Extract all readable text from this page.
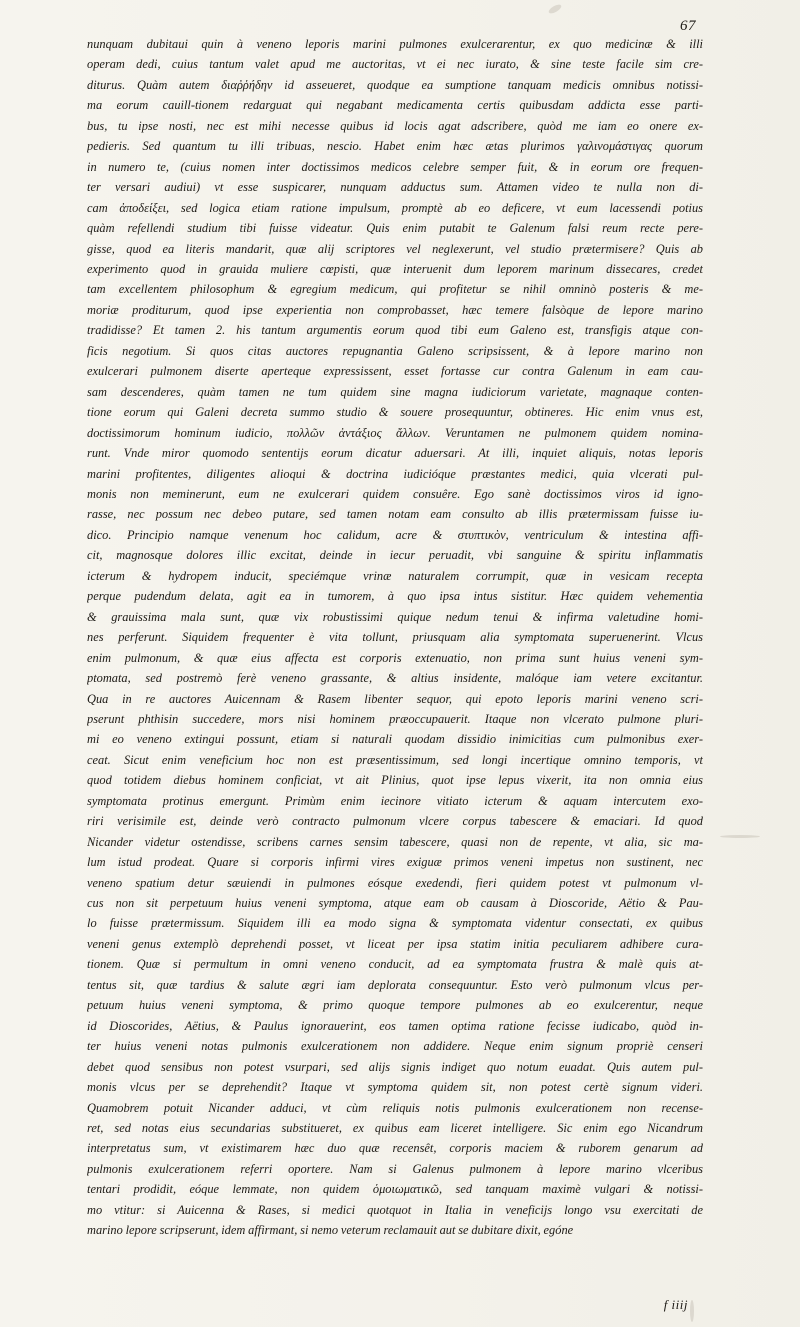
67
nunquam dubitaui quin à veneno leporis marini pulmones exulcerarentur, ex quo medicinæ & illi
operam dedi, cuius tantum valet apud me auctoritas, vt ei nec iurato, & sine teste facile sim cre-
diturus. Quàm autem διαῤῥήδην id asseueret, quodque ea sumptione tanquam medicis omnibus notissi-
ma eorum cauill-tionem redarguat qui negabant medicamenta certis quibusdam addicta esse parti-
bus, tu ipse nosti, nec est mihi necesse quibus id locis agat adscribere, quòd me iam eo onere ex-
pedieris. Sed quantum tu illi tribuas, nescio. Habet enim hæc ætas plurimos γαλινομάστιγας quorum
in numero te, (cuius nomen inter doctissimos medicos celebre semper fuit, & in eorum ore frequen-
ter versari audiui) vt esse suspicarer, nunquam adductus sum. Attamen video te nulla non di-
cam ἀποδείξει, sed logica etiam ratione impulsum, promptè ab eo deficere, vt eum lacessendi potius
quàm refellendi studium tibi fuisse videatur. Quis enim putabit te Galenum falsi reum recte pere-
gisse, quod ea literis mandarit, quæ alij scriptores vel neglexerunt, vel studio prætermisere? Quis ab
experimento quod in grauida muliere cœpisti, quæ interuenit dum leporem marinum dissecares, credet
tam excellentem philosophum & egregium medicum, qui profitetur se nihil omninò posteris & me-
moriæ proditurum, quod ipse experientia non comprobasset, hæc temere falsòque de lepore marino
tradidisse? Et tamen 2. his tantum argumentis eorum quod tibi eum Galeno est, transfigis atque con-
ficis negotium. Si quos citas auctores repugnantia Galeno scripsissent, & à lepore marino non
exulcerari pulmonem diserte aperteque expressissent, esset fortasse cur contra Galenum in eam cau-
sam descenderes, quàm tamen ne tum quidem sine magna iudiciorum varietate, magnaque conten-
tione eorum qui Galeni decreta summo studio & souere prosequuntur, obtineres. Hic enim vnus est,
doctissimorum hominum iudicio, πολλῶν ἀντάξιος ἄλλων. Veruntamen ne pulmonem quidem nomina-
runt. Vnde miror quomodo sententijs eorum dicatur aduersari. At illi, inquiet aliquis, notas leporis
marini profitentes, diligentes alioqui & doctrina iudicióque præstantes medici, quia vlcerati pul-
monis non meminerunt, eum ne exulcerari quidem consuêre. Ego sanè doctissimos viros id igno-
rasse, nec possum nec debeo putare, sed tamen notam eam consulto ab illis prætermissam fuisse iu-
dico. Principio namque venenum hoc calidum, acre & στυπτικὸν, ventriculum & intestina affi-
cit, magnosque dolores illic excitat, deinde in iecur peruadit, vbi sanguine & spiritu inflammatis
icterum & hydropem inducit, speciémque vrinæ naturalem corrumpit, quæ in vesicam recepta
perque pudendum delata, agit ea in tumorem, à quo ipsa intus sistitur. Hæc quidem vehementia
& grauissima mala sunt, quæ vix robustissimi quique nedum tenui & infirma valetudine homi-
nes perferunt. Siquidem frequenter è vita tollunt, priusquam alia symptomata superuenerint. Vlcus
enim pulmonum, & quæ eius affecta est corporis extenuatio, non prima sunt huius veneni sym-
ptomata, sed postremò ferè veneno grassante, & altius insidente, malóque iam vetere excitantur.
Qua in re auctores Auicennam & Rasem libenter sequor, qui epoto leporis marini veneno scri-
pserunt phthisin succedere, mors nisi hominem præoccupauerit. Itaque non vlcerato pulmone pluri-
mi eo veneno extingui possunt, etiam si naturali quodam dissidio inimicitias cum pulmonibus exer-
ceat. Sicut enim veneficium hoc non est præsentissimum, sed longi incertique omnino temporis, vt
quod totidem diebus hominem conficiat, vt ait Plinius, quot ipse lepus vixerit, ita non omnia eius
symptomata protinus emergunt. Primùm enim iecinore vitiato icterum & aquam intercutem exo-
riri verisimile est, deinde verò contracto pulmonum vlcere corpus tabescere & emaciari. Id quod
Nicander videtur ostendisse, scribens carnes sensim tabescere, quasi non de repente, vt alia, sic ma-
lum istud prodeat. Quare si corporis infirmi vires exiguæ primos veneni impetus non sustinent, nec
veneno spatium detur sæuiendi in pulmones eósque exedendi, fieri quidem potest vt pulmonum vl-
cus non sit perpetuum huius veneni symptoma, atque eam ob causam à Dioscoride, Aëtio & Pau-
lo fuisse prætermissum. Siquidem illi ea modo signa & symptomata videntur consectati, ex quibus
veneni genus extemplò deprehendi posset, vt liceat per ipsa statim initia peculiarem adhibere cura-
tionem. Quæ si permultum in omni veneno conducit, ad ea symptomata frustra & malè quis at-
tentus sit, quæ tardius & salute ægri iam deplorata consequuntur. Esto verò pulmonum vlcus per-
petuum huius veneni symptoma, & primo quoque tempore pulmones ab eo exulcerentur, neque
id Dioscorides, Aëtius, & Paulus ignorauerint, eos tamen optima ratione fecisse iudicabo, quòd in-
ter huius veneni notas pulmonis exulcerationem non addidere. Neque enim signum propriè censeri
debet quod sensibus non potest vsurpari, sed alijs signis indiget quo notum euadat. Quis autem pul-
monis vlcus per se deprehendit? Itaque vt symptoma quidem sit, non potest certè signum videri.
Quamobrem potuit Nicander adduci, vt cùm reliquis notis pulmonis exulcerationem non recense-
ret, sed notas eius secundarias substitueret, ex quibus eam liceret intelligere. Sic enim ego Nicandrum
interpretatus sum, vt existimarem hæc duo quæ recensêt, corporis maciem & ruborem genarum ad
pulmonis exulcerationem referri oportere. Nam si Galenus pulmonem à lepore marino vlceribus
tentari prodidit, eóque lemmate, non quidem ὁμοιωματικῶ, sed tanquam maximè vulgari & notissi-
mo vtitur: si Auicenna & Rases, si medici quotquot in Italia in veneficijs longo vsu exercitati de
marino lepore scripserunt, idem affirmant, si nemo veterum reclamauit aut se dubitare dixit, egóne
f iiij
